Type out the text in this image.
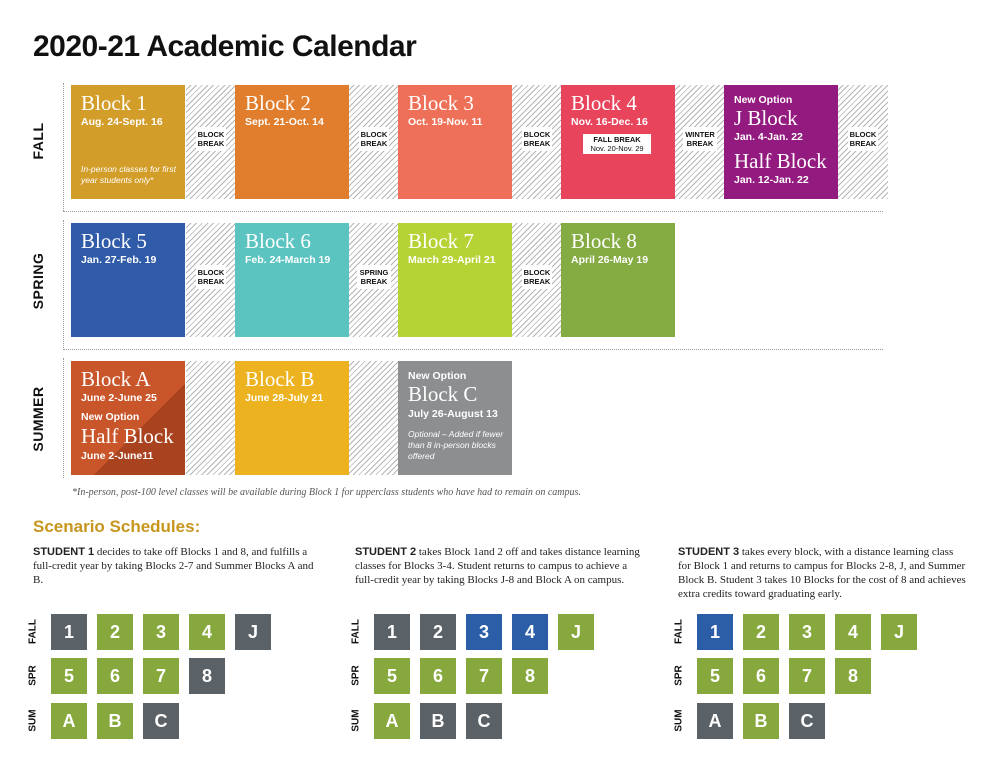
2020-21 Academic Calendar
FALL
SPRING
SUMMER
Block 1
Aug. 24-Sept. 16
In-person classes for first year students only*
BLOCK BREAK
Block 2
Sept. 21-Oct. 14
BLOCK BREAK
Block 3
Oct. 19-Nov. 11
BLOCK BREAK
Block 4
Nov. 16-Dec. 16
FALL BREAK
Nov. 20-Nov. 29
WINTER BREAK
New Option
J Block
Jan. 4-Jan. 22
Half Block
Jan. 12-Jan. 22
BLOCK BREAK
Block 5
Jan. 27-Feb. 19
BLOCK BREAK
Block 6
Feb. 24-March 19
SPRING BREAK
Block 7
March 29-April 21
BLOCK BREAK
Block 8
April 26-May 19
Block A
June 2-June 25
New Option
Half Block
June 2-June11
Block B
June 28-July 21
New Option
Block C
July 26-August 13
Optional – Added if fewer than 8 in-person blocks offered
*In-person, post-100 level classes will be available during Block 1 for upperclass students who have had to remain on campus.
Scenario Schedules:
STUDENT 1 decides to take off Blocks 1 and 8, and fulfills a full-credit year by taking Blocks 2-7 and Summer Blocks A and B.
STUDENT 2 takes Block 1and 2 off and takes distance learning classes for Blocks 3-4. Student returns to campus to achieve a full-credit year by taking Blocks J-8 and Block A on campus.
STUDENT 3 takes every block, with a distance learning class for Block 1 and returns to campus for Blocks 2-8, J, and Summer Block B. Student 3 takes 10 Blocks for the cost of 8 and achieves extra credits toward graduating early.
FALL	1	2	3	4	J
SPR	5	6	7	8
SUM	A	B	C
FALL	1	2	3	4	J
SPR	5	6	7	8
SUM	A	B	C
FALL	1	2	3	4	J
SPR	5	6	7	8
SUM	A	B	C
